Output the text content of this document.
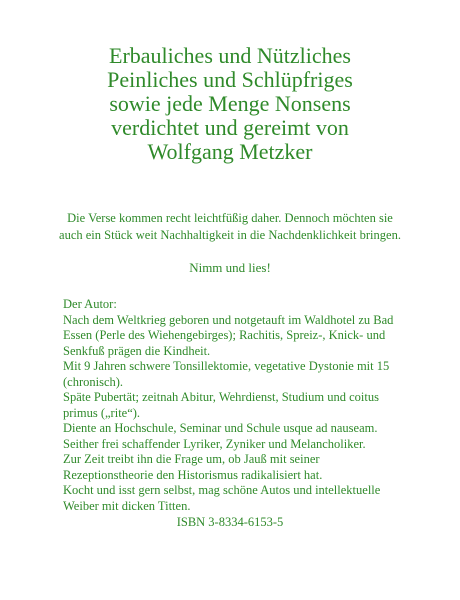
Erbauliches und Nützliches
Peinliches und Schlüpfriges
sowie jede Menge Nonsens
verdichtet und gereimt von
Wolfgang Metzker
Die Verse kommen recht leichtfüßig daher. Dennoch möchten sie
auch ein Stück weit Nachhaltigkeit in die Nachdenklichkeit bringen.
Nimm und lies!
Der Autor:
Nach dem Weltkrieg geboren und notgetauft im Waldhotel zu Bad
Essen (Perle des Wiehengebirges); Rachitis, Spreiz-, Knick- und
Senkfuß prägen die Kindheit.
Mit 9 Jahren schwere Tonsillektomie, vegetative Dystonie mit 15
(chronisch).
Späte Pubertät; zeitnah Abitur, Wehrdienst, Studium und coitus
primus („rite“).
Diente an Hochschule, Seminar und Schule usque ad nauseam.
Seither frei schaffender Lyriker, Zyniker und Melancholiker.
Zur Zeit treibt ihn die Frage um, ob Jauß mit seiner
Rezeptionstheorie den Historismus radikalisiert hat.
Kocht und isst gern selbst, mag schöne Autos und intellektuelle
Weiber mit dicken Titten.
ISBN 3-8334-6153-5
